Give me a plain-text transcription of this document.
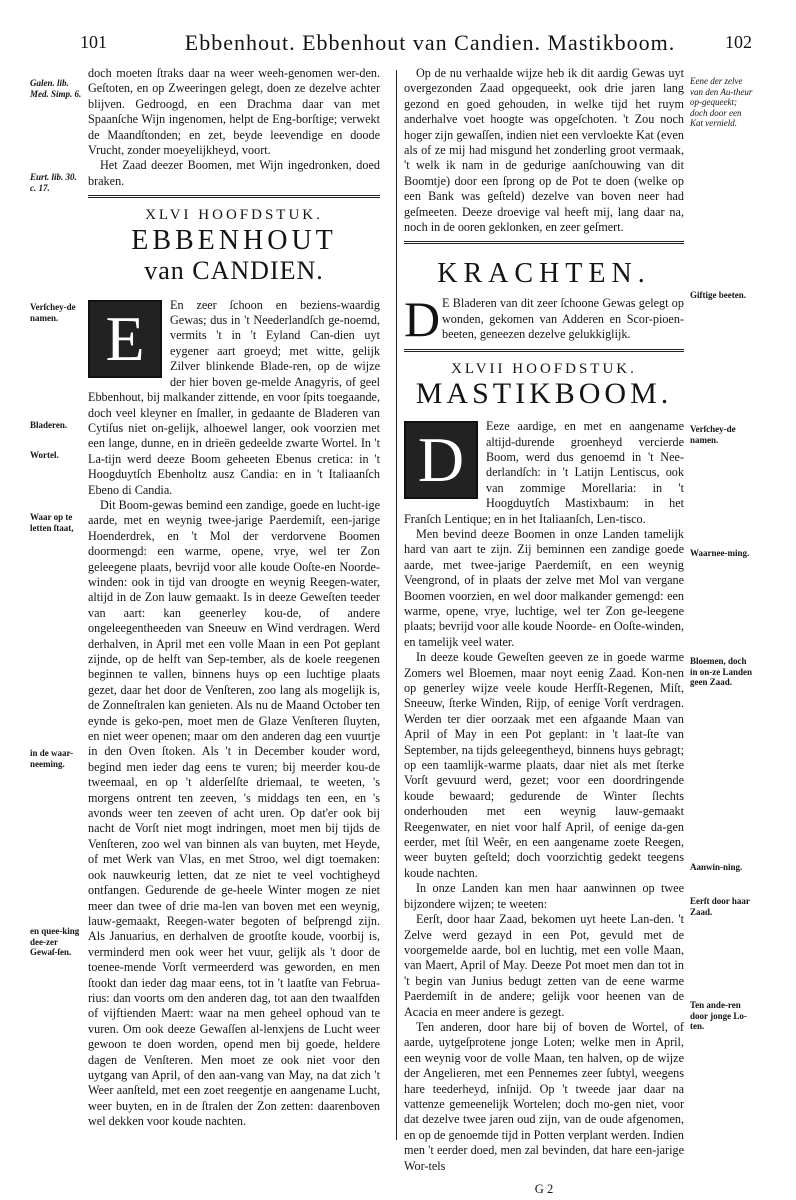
101	Ebbenhout. Ebbenhout van Candien. Mastikboom.	102
Galen. lib. Med. Simp. 6.
Eurt. lib. 30. c. 17.
Verſchey-de namen.
Bladeren.
Wortel.
Waar op te letten ſtaat,
in de waar-neeming.
en quee-king dee-zer Gewaſ-ſen.
Eene der zelve van den Au-theur op-gequeekt; doch door een Kat vernield.
Giftige beeten.
Verſchey-de namen.
Waarnee-ming.
Bloemen, doch in on-ze Landen geen Zaad.
Aanwin-ning.
Eerſt door haar Zaad.
Ten ande-ren door jonge Lo-ten.

doch moeten ſtraks daar na weer weeh-genomen wer-den. Geſtoten, en op Zweeringen gelegt, doen ze dezelve achter blijven. Gedroogd, en een Drachma daar van met Spaanſche Wijn ingenomen, helpt de Eng-borſtige; verwekt de Maandſtonden; en zet, beyde leevendige en doode Vrucht, zonder moeyelijkheyd, voort.

Het Zaad deezer Boomen, met Wijn ingedronken, doed braken.

XLVI HOOFDSTUK.
EBBENHOUT
van CANDIEN.
E	En zeer ſchoon en beziens-waardig Gewas; dus in 't Neederlandſch ge-noemd, vermits 't in 't Eyland Can-dien uyt eygener aart groeyd; met witte, gelijk Zilver blinkende Blade-ren, op de wijze der hier boven ge-melde Anagyris, of geel Ebbenhout, bij malkander zittende, en voor ſpits toegaande, doch veel kleyner en ſmaller, in gedaante de Bladeren van Cytiſus niet on-gelijk, alhoewel langer, ook voorzien met een lange, dunne, en in drieën gedeelde zwarte Wortel. In 't La-tijn werd deeze Boom geheeten Ebenus cretica: in 't Hoogduytſch Ebenholtz ausz Candia: en in 't Italiaanſch Ebeno di Candia.

Dit Boom-gewas bemind een zandige, goede en lucht-ige aarde, met en weynig twee-jarige Paerdemiſt, een-jarige Hoenderdrek, en 't Mol der verdorvene Boomen doormengd: een warme, opene, vrye, wel ter Zon geleegene plaats, bevrijd voor alle koude Ooſte-en Noorde-winden: ook in tijd van droogte en weynig Reegen-water, altijd in de Zon lauw gemaakt. Is in deeze Geweſten teeder van aart: kan geenerley kou-de, of andere ongeleegentheeden van Sneeuw en Wind verdragen. Werd derhalven, in April met een volle Maan in een Pot geplant zijnde, op de helft van Sep-tember, als de koele reegenen beginnen te vallen, binnens huys op een luchtige plaats gezet, daar het door de Venſteren, zoo lang als mogelijk is, de Zonneſtralen kan genieten. Als nu de Maand October ten eynde is geko-pen, moet men de Glaze Venſteren ſluyten, en niet weer openen; maar om den anderen dag een vuurtje in den Oven ſtoken. Als 't in December kouder word, begind men ieder dag eens te vuren; bij meerder kou-de tweemaal, en op 't alderſelſte driemaal, te weeten, 's morgens ontrent ten zeeven, 's middags ten een, en 's avonds weer ten zeeven of acht uren. Op dat'er ook bij nacht de Vorſt niet mogt indringen, moet men bij tijds de Venſteren, zoo wel van binnen als van buyten, met Heyde, of met Werk van Vlas, en met Stroo, wel digt toemaken: ook nauwkeurig letten, dat ze niet te veel vochtigheyd ontfangen. Gedurende de ge-heele Winter mogen ze niet meer dan twee of drie ma-len van boven met een weynig, lauw-gemaakt, Reegen-water begoten of beſprengd zijn. Als Januarius, en derhalven de grootſte koude, voorbij is, verminderd men ook weer het vuur, gelijk als 't door de toenee-mende Vorſt vermeerderd was geworden, en men ſtookt dan ieder dag maar eens, tot in 't laatſte van Februa-rius: dan voorts om den anderen dag, tot aan den twaalfden of vijftienden Maert: waar na men geheel ophoud van te vuren. Om ook deeze Gewaſſen al-lenxjens de Lucht weer gewoon te doen worden, opend men bij goede, heldere dagen de Venſteren. Men moet ze ook niet voor den uytgang van April, of den aan-vang van May, na dat zich 't Weer aanſteld, met een zoet reegentje en aangename Lucht, weer buyten, en in de ſtralen der Zon zetten: daarenboven wel dekken voor koude nachten.

Op de nu verhaalde wijze heb ik dit aardig Gewas uyt overgezonden Zaad opgequeekt, ook drie jaren lang gezond en goed gehouden, in welke tijd het ruym anderhalve voet hoogte was opgeſchoten. 't Zou noch hoger zijn gewaſſen, indien niet een vervloekte Kat (even als of ze mij had misgund het zonderling groot vermaak, 't welk ik nam in de gedurige aanſchouwing van dit Boomtje) door een ſprong op de Pot te doen (welke op een Bank was geſteld) dezelve van boven neer had geſmeeten. Deeze droevige val heeft mij, lang daar na, noch in de ooren geklonken, en zeer geſmert.

KRACHTEN.
D E Bladeren van dit zeer ſchoone Gewas gelegt op wonden, gekomen van Adderen en Scor-pioen-beeten, geneezen dezelve gelukkiglijk.

XLVII HOOFDSTUK.
MASTIKBOOM.
D	Eeze aardige, en met en aangename altijd-durende groenheyd vercierde Boom, werd dus genoemd in 't Nee-derlandſch: in 't Latijn Lentiscus, ook van zommige Morellaria: in 't Hoogduytſch Mastixbaum: in het Franſch Lentique; en in het Italiaanſch, Len-tisco.

Men bevind deeze Boomen in onze Landen tamelijk hard van aart te zijn. Zij beminnen een zandige goede aarde, met twee-jarige Paerdemiſt, en een weynig Veengrond, of in plaats der zelve met Mol van vergane Boomen voorzien, en wel door malkander gemengd: een warme, opene, vrye, luchtige, wel ter Zon ge-leegene plaats; bevrijd voor alle koude Noorde- en Ooſte-winden, en tamelijk veel water.

In deeze koude Geweſten geeven ze in goede warme Zomers wel Bloemen, maar noyt eenig Zaad. Kon-nen op generley wijze veele koude Herfſt-Regenen, Miſt, Sneeuw, ſterke Winden, Rijp, of eenige Vorſt verdragen. Werden ter dier oorzaak met een afgaande Maan van April of May in een Pot geplant: in 't laat-ſte van September, na tijds geleegentheyd, binnens huys gebragt; op een taamlijk-warme plaats, daar niet als met ſterke Vorſt gevuurd werd, gezet; voor een doordringende koude bewaard; gedurende de Winter ſlechts onderhouden met een weynig lauw-gemaakt Reegenwater, en niet voor half April, of eenige da-gen eerder, met ſtil Weêr, en een aangename zoete Reegen, weer buyten geſteld; doch voorzichtig gedekt teegens koude nachten.

In onze Landen kan men haar aanwinnen op twee bijzondere wijzen; te weeten:

Eerſt, door haar Zaad, bekomen uyt heete Lan-den. 't Zelve werd gezayd in een Pot, gevuld met de voorgemelde aarde, bol en luchtig, met een volle Maan, van Maert, April of May. Deeze Pot moet men dan tot in 't begin van Junius bedugt zetten van de eene warme Paerdemiſt in de andere; gelijk voor heenen van de Acacia en meer andere is gezegt.

Ten anderen, door hare bij of boven de Wortel, of aarde, uytgeſprotene jonge Loten; welke men in April, een weynig voor de volle Maan, ten halven, op de wijze der Angelieren, met een Pennemes zeer ſubtyl, weegens hare teederheyd, inſnijd. Op 't tweede jaar daar na vattenze gemeenelijk Wortelen; doch mo-gen niet, voor dat dezelve twee jaren oud zijn, van de oude afgenomen, en op de genoemde tijd in Potten verplant werden. Indien men 't eerder doed, men zal bevinden, dat hare een-jarige Wor-tels

G 2
